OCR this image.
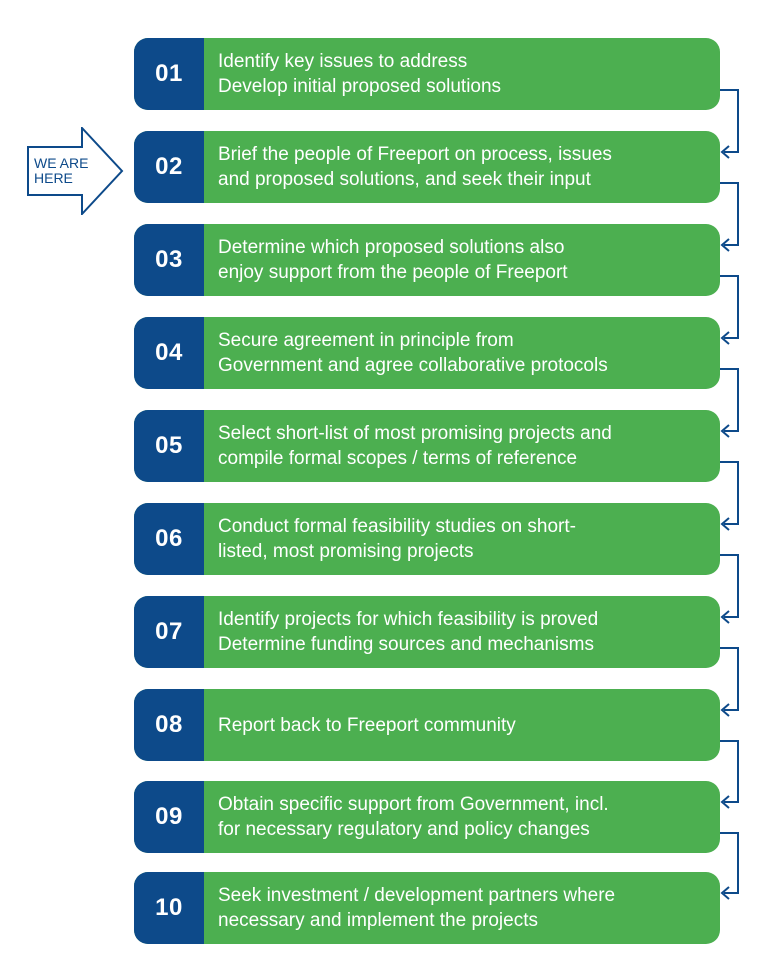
01	Identify key issues to address
Develop initial proposed solutions
02	Brief the people of Freeport on process, issues
and proposed solutions, and seek their input
03	Determine which proposed solutions also
enjoy support from the people of Freeport
04	Secure agreement in principle from
Government and agree collaborative protocols
05	Select short-list of most promising projects and
compile formal scopes / terms of reference
06	Conduct formal feasibility studies on short-
listed, most promising projects
07	Identify projects for which feasibility is proved
Determine funding sources and mechanisms
08	Report back to Freeport community
09	Obtain specific support from Government, incl.
for necessary regulatory and policy changes
10	Seek investment / development partners where
necessary and implement the projects
WE ARE
HERE
